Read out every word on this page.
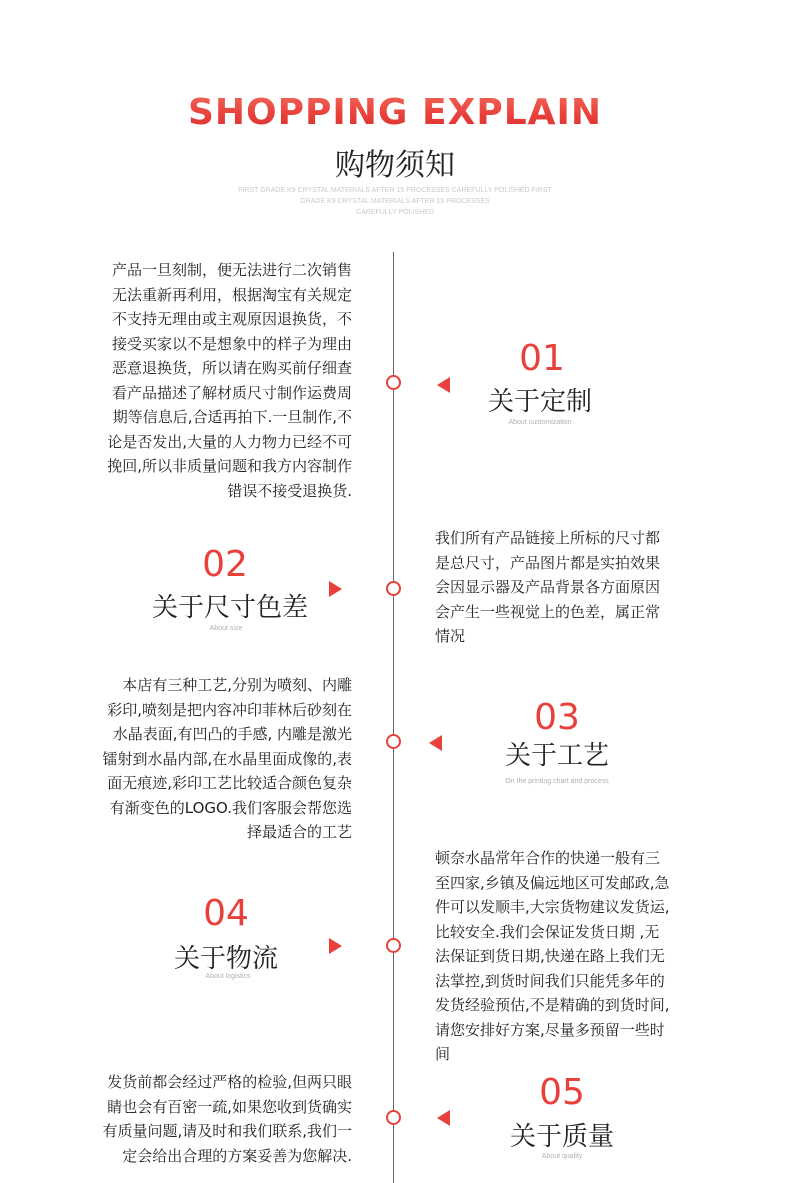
SHOPPING EXPLAIN
购物须知
FIRST GRADE K9 CRYSTAL MATERIALS AFTER 15 PROCESSES CAREFULLY POLISHED FIRST
GRADE K9 CRYSTAL MATERIALS AFTER 15 PROCESSES
CAREFULLY POLISHED
产品一旦刻制，便无法进行二次销售
无法重新再利用，根据淘宝有关规定
不支持无理由或主观原因退换货，不
接受买家以不是想象中的样子为理由
恶意退换货，所以请在购买前仔细查
看产品描述了解材质尺寸制作运费周
期等信息后,合适再拍下.一旦制作,不
论是否发出,大量的人力物力已经不可
挽回,所以非质量问题和我方内容制作
错误不接受退换货.
01
关于定制
About customization
02
关于尺寸色差
About size
我们所有产品链接上所标的尺寸都
是总尺寸，产品图片都是实拍效果
会因显示器及产品背景各方面原因
会产生一些视觉上的色差，属正常
情况
本店有三种工艺,分别为喷刻、内雕
彩印,喷刻是把内容冲印菲林后砂刻在
水晶表面,有凹凸的手感, 内雕是激光
镭射到水晶内部,在水晶里面成像的,表
面无痕迹,彩印工艺比较适合颜色复杂
有渐变色的LOGO.我们客服会帮您选
择最适合的工艺
03
关于工艺
On the printing chart and process
04
关于物流
About logistics
顿奈水晶常年合作的快递一般有三
至四家,乡镇及偏远地区可发邮政,急
件可以发顺丰,大宗货物建议发货运,
比较安全.我们会保证发货日期 ,无
法保证到货日期,快递在路上我们无
法掌控,到货时间我们只能凭多年的
发货经验预估,不是精确的到货时间,
请您安排好方案,尽量多预留一些时
间
发货前都会经过严格的检验,但两只眼
睛也会有百密一疏,如果您收到货确实
有质量问题,请及时和我们联系,我们一
定会给出合理的方案妥善为您解决.
05
关于质量
About quality
